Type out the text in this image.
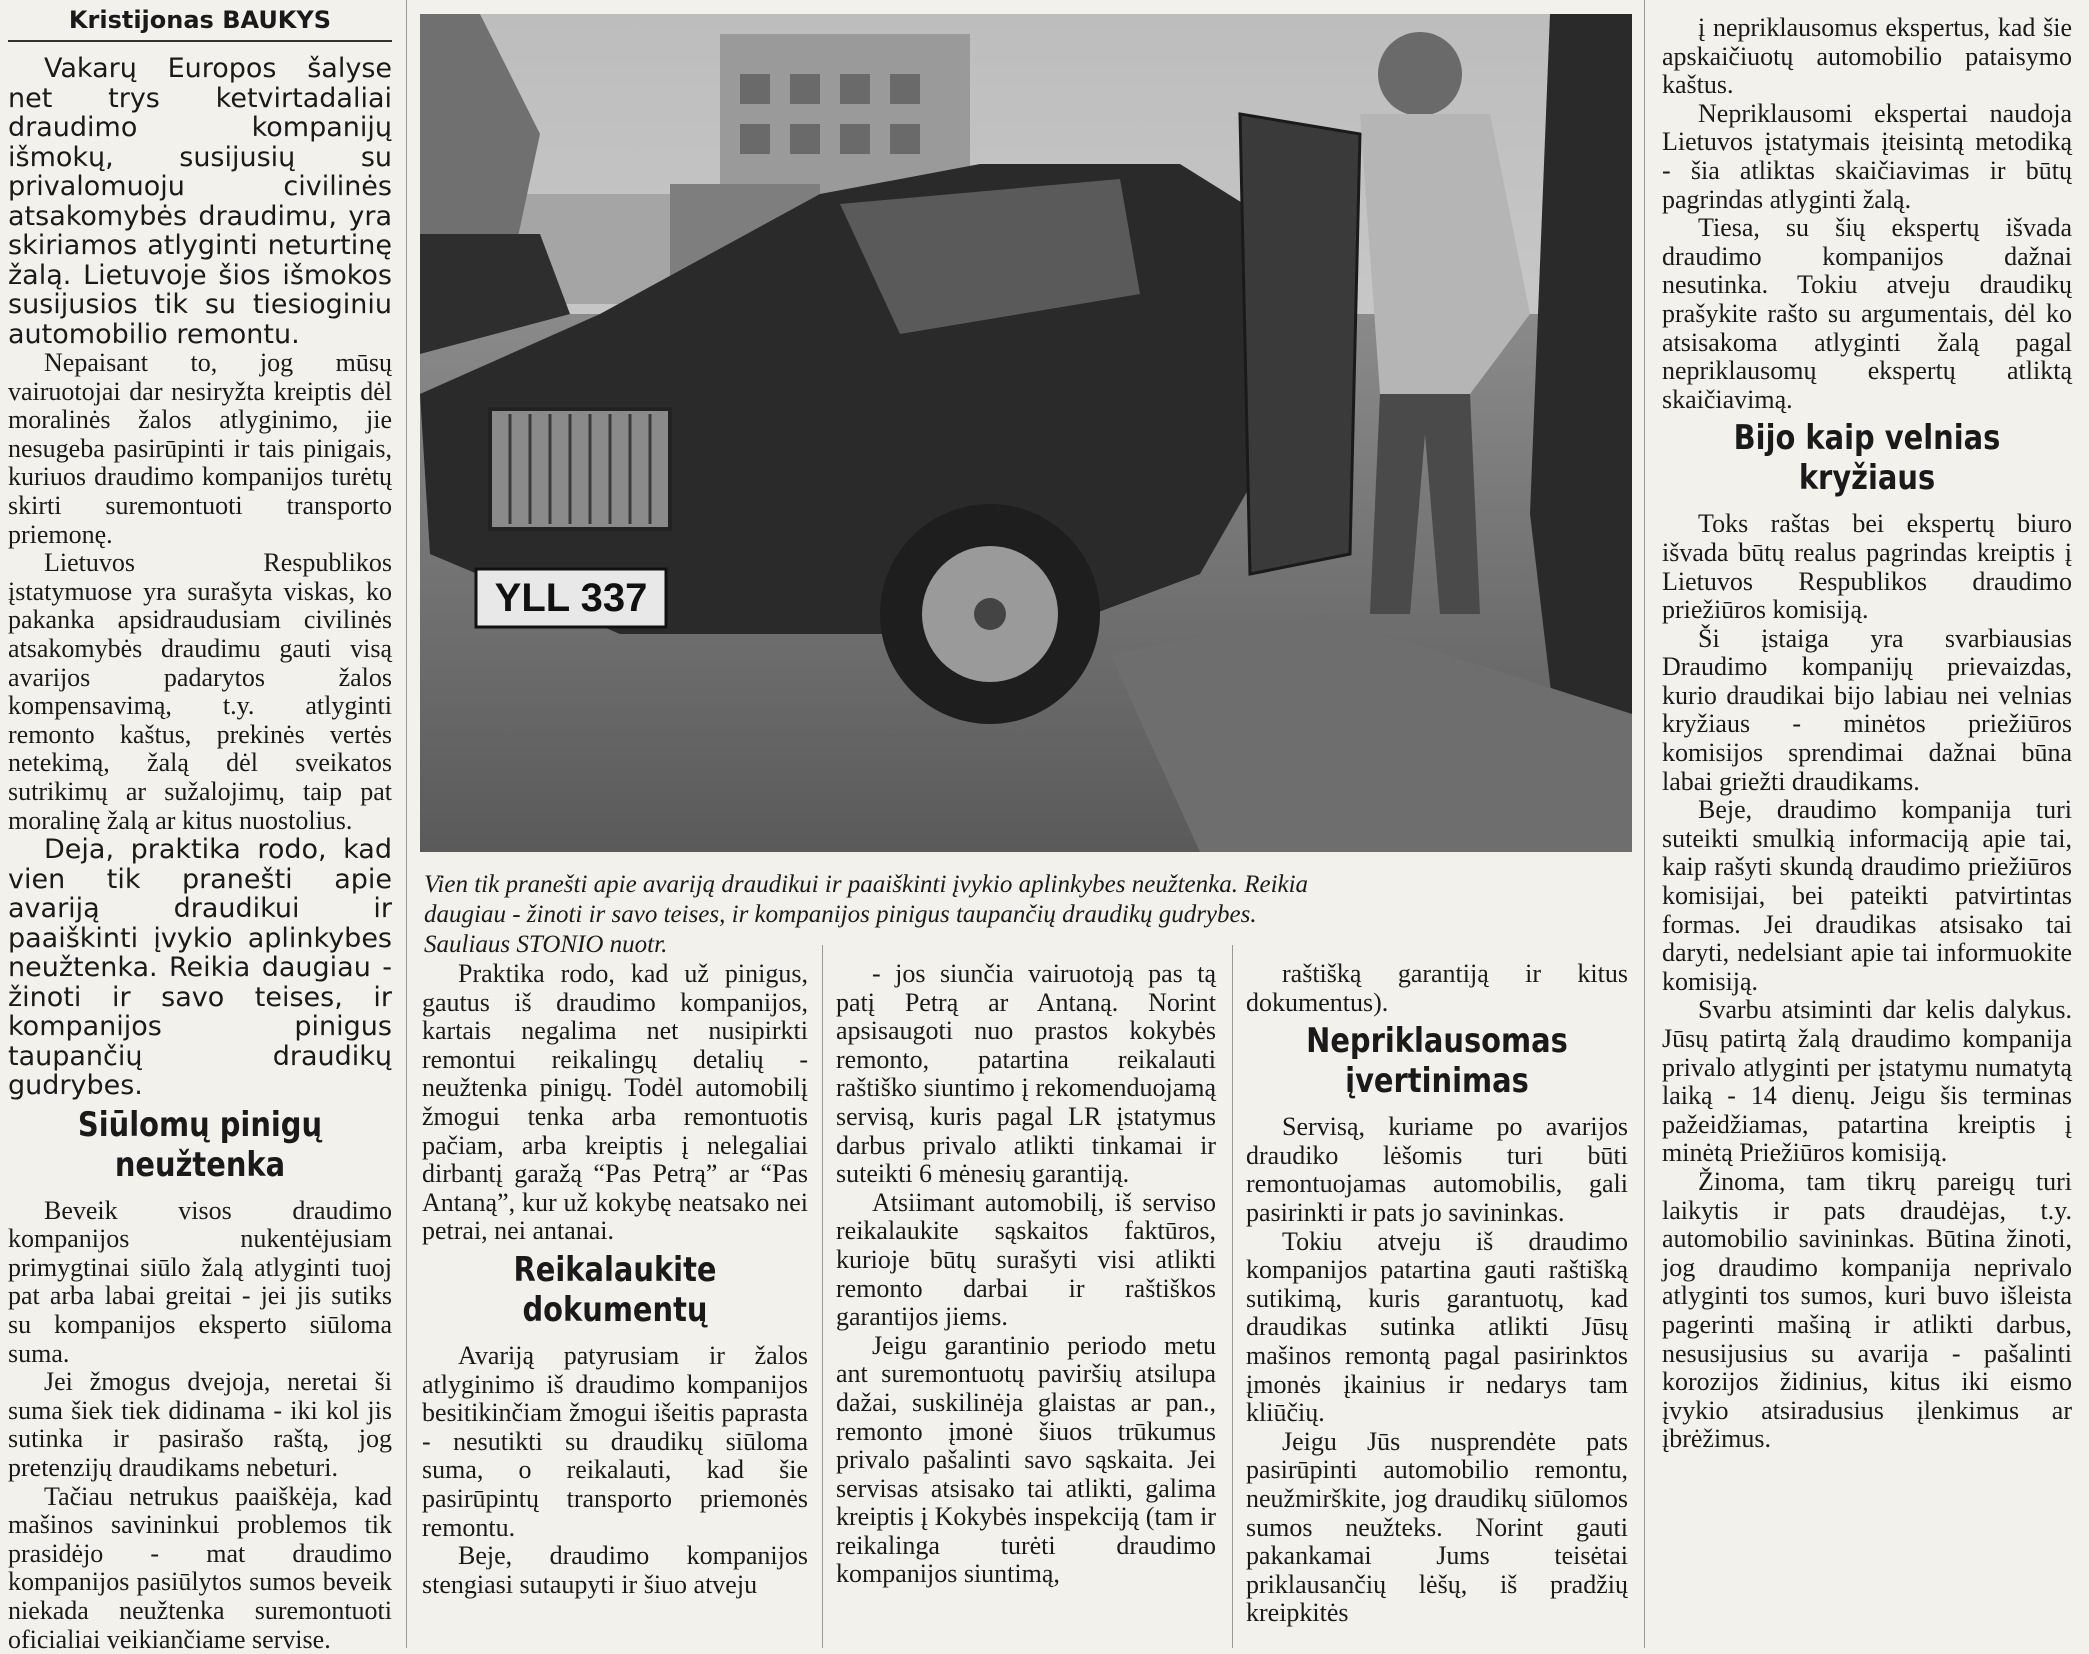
Kristijonas BAUKYS

Vakarų Europos šalyse net trys ketvirtadaliai draudimo kompanijų išmokų, susijusių su privalomuoju civilinės atsakomybės draudimu, yra skiriamos atlyginti neturtinę žalą. Lietuvoje šios išmokos susijusios tik su tiesioginiu automobilio remontu.

Nepaisant to, jog mūsų vairuotojai dar nesiryžta kreiptis dėl moralinės žalos atlyginimo, jie nesugeba pasirūpinti ir tais pinigais, kuriuos draudimo kompanijos turėtų skirti suremontuoti transporto priemonę.

Lietuvos Respublikos įstatymuose yra surašyta viskas, ko pakanka apsidraudusiam civilinės atsakomybės draudimu gauti visą avarijos padarytos žalos kompensavimą, t.y. atlyginti remonto kaštus, prekinės vertės netekimą, žalą dėl sveikatos sutrikimų ar sužalojimų, taip pat moralinę žalą ar kitus nuostolius.

Deja, praktika rodo, kad vien tik pranešti apie avariją draudikui ir paaiškinti įvykio aplinkybes neužtenka. Reikia daugiau - žinoti ir savo teises, ir kompanijos pinigus taupančių draudikų gudrybes.

Siūlomų pinigų neužtenka

Beveik visos draudimo kompanijos nukentėjusiam primygtinai siūlo žalą atlyginti tuoj pat arba labai greitai - jei jis sutiks su kompanijos eksperto siūloma suma.

Jei žmogus dvejoja, neretai ši suma šiek tiek didinama - iki kol jis sutinka ir pasirašo raštą, jog pretenzijų draudikams nebeturi.

Tačiau netrukus paaiškėja, kad mašinos savininkui problemos tik prasidėjo - mat draudimo kompanijos pasiūlytos sumos beveik niekada neužtenka suremontuoti oficialiai veikiančiame servise.

YLL 337
Vien tik pranešti apie avariją draudikui ir paaiškinti įvykio aplinkybes neužtenka. Reikia daugiau - žinoti ir savo teises, ir kompanijos pinigus taupančių draudikų gudrybes. Sauliaus STONIO nuotr.

Praktika rodo, kad už pinigus, gautus iš draudimo kompanijos, kartais negalima net nusipirkti remontui reikalingų detalių - neužtenka pinigų. Todėl automobilį žmogui tenka arba remontuotis pačiam, arba kreiptis į nelegaliai dirbantį garažą “Pas Petrą” ar “Pas Antaną”, kur už kokybę neatsako nei petrai, nei antanai.

Reikalaukite dokumentų

Avariją patyrusiam ir žalos atlyginimo iš draudimo kompanijos besitikinčiam žmogui išeitis paprasta - nesutikti su draudikų siūloma suma, o reikalauti, kad šie pasirūpintų transporto priemonės remontu.

Beje, draudimo kompanijos stengiasi sutaupyti ir šiuo atveju

- jos siunčia vairuotoją pas tą patį Petrą ar Antaną. Norint apsisaugoti nuo prastos kokybės remonto, patartina reikalauti raštiško siuntimo į rekomenduojamą servisą, kuris pagal LR įstatymus darbus privalo atlikti tinkamai ir suteikti 6 mėnesių garantiją.

Atsiimant automobilį, iš serviso reikalaukite sąskaitos faktūros, kurioje būtų surašyti visi atlikti remonto darbai ir raštiškos garantijos jiems.

Jeigu garantinio periodo metu ant suremontuotų paviršių atsilupa dažai, suskilinėja glaistas ar pan., remonto įmonė šiuos trūkumus privalo pašalinti savo sąskaita. Jei servisas atsisako tai atlikti, galima kreiptis į Kokybės inspekciją (tam ir reikalinga turėti draudimo kompanijos siuntimą,

raštišką garantiją ir kitus dokumentus).

Nepriklausomas įvertinimas

Servisą, kuriame po avarijos draudiko lėšomis turi būti remontuojamas automobilis, gali pasirinkti ir pats jo savininkas.

Tokiu atveju iš draudimo kompanijos patartina gauti raštišką sutikimą, kuris garantuotų, kad draudikas sutinka atlikti Jūsų mašinos remontą pagal pasirinktos įmonės įkainius ir nedarys tam kliūčių.

Jeigu Jūs nusprendėte pats pasirūpinti automobilio remontu, neužmirškite, jog draudikų siūlomos sumos neužteks. Norint gauti pakankamai Jums teisėtai priklausančių lėšų, iš pradžių kreipkitės

į nepriklausomus ekspertus, kad šie apskaičiuotų automobilio pataisymo kaštus.

Nepriklausomi ekspertai naudoja Lietuvos įstatymais įteisintą metodiką - šia atliktas skaičiavimas ir būtų pagrindas atlyginti žalą.

Tiesa, su šių ekspertų išvada draudimo kompanijos dažnai nesutinka. Tokiu atveju draudikų prašykite rašto su argumentais, dėl ko atsisakoma atlyginti žalą pagal nepriklausomų ekspertų atliktą skaičiavimą.

Bijo kaip velnias kryžiaus

Toks raštas bei ekspertų biuro išvada būtų realus pagrindas kreiptis į Lietuvos Respublikos draudimo priežiūros komisiją.

Ši įstaiga yra svarbiausias Draudimo kompanijų prievaizdas, kurio draudikai bijo labiau nei velnias kryžiaus - minėtos priežiūros komisijos sprendimai dažnai būna labai griežti draudikams.

Beje, draudimo kompanija turi suteikti smulkią informaciją apie tai, kaip rašyti skundą draudimo priežiūros komisijai, bei pateikti patvirtintas formas. Jei draudikas atsisako tai daryti, nedelsiant apie tai informuokite komisiją.

Svarbu atsiminti dar kelis dalykus. Jūsų patirtą žalą draudimo kompanija privalo atlyginti per įstatymu numatytą laiką - 14 dienų. Jeigu šis terminas pažeidžiamas, patartina kreiptis į minėtą Priežiūros komisiją.

Žinoma, tam tikrų pareigų turi laikytis ir pats draudėjas, t.y. automobilio savininkas. Būtina žinoti, jog draudimo kompanija neprivalo atlyginti tos sumos, kuri buvo išleista pagerinti mašiną ir atlikti darbus, nesusijusius su avarija - pašalinti korozijos židinius, kitus iki eismo įvykio atsiradusius įlenkimus ar įbrėžimus.
